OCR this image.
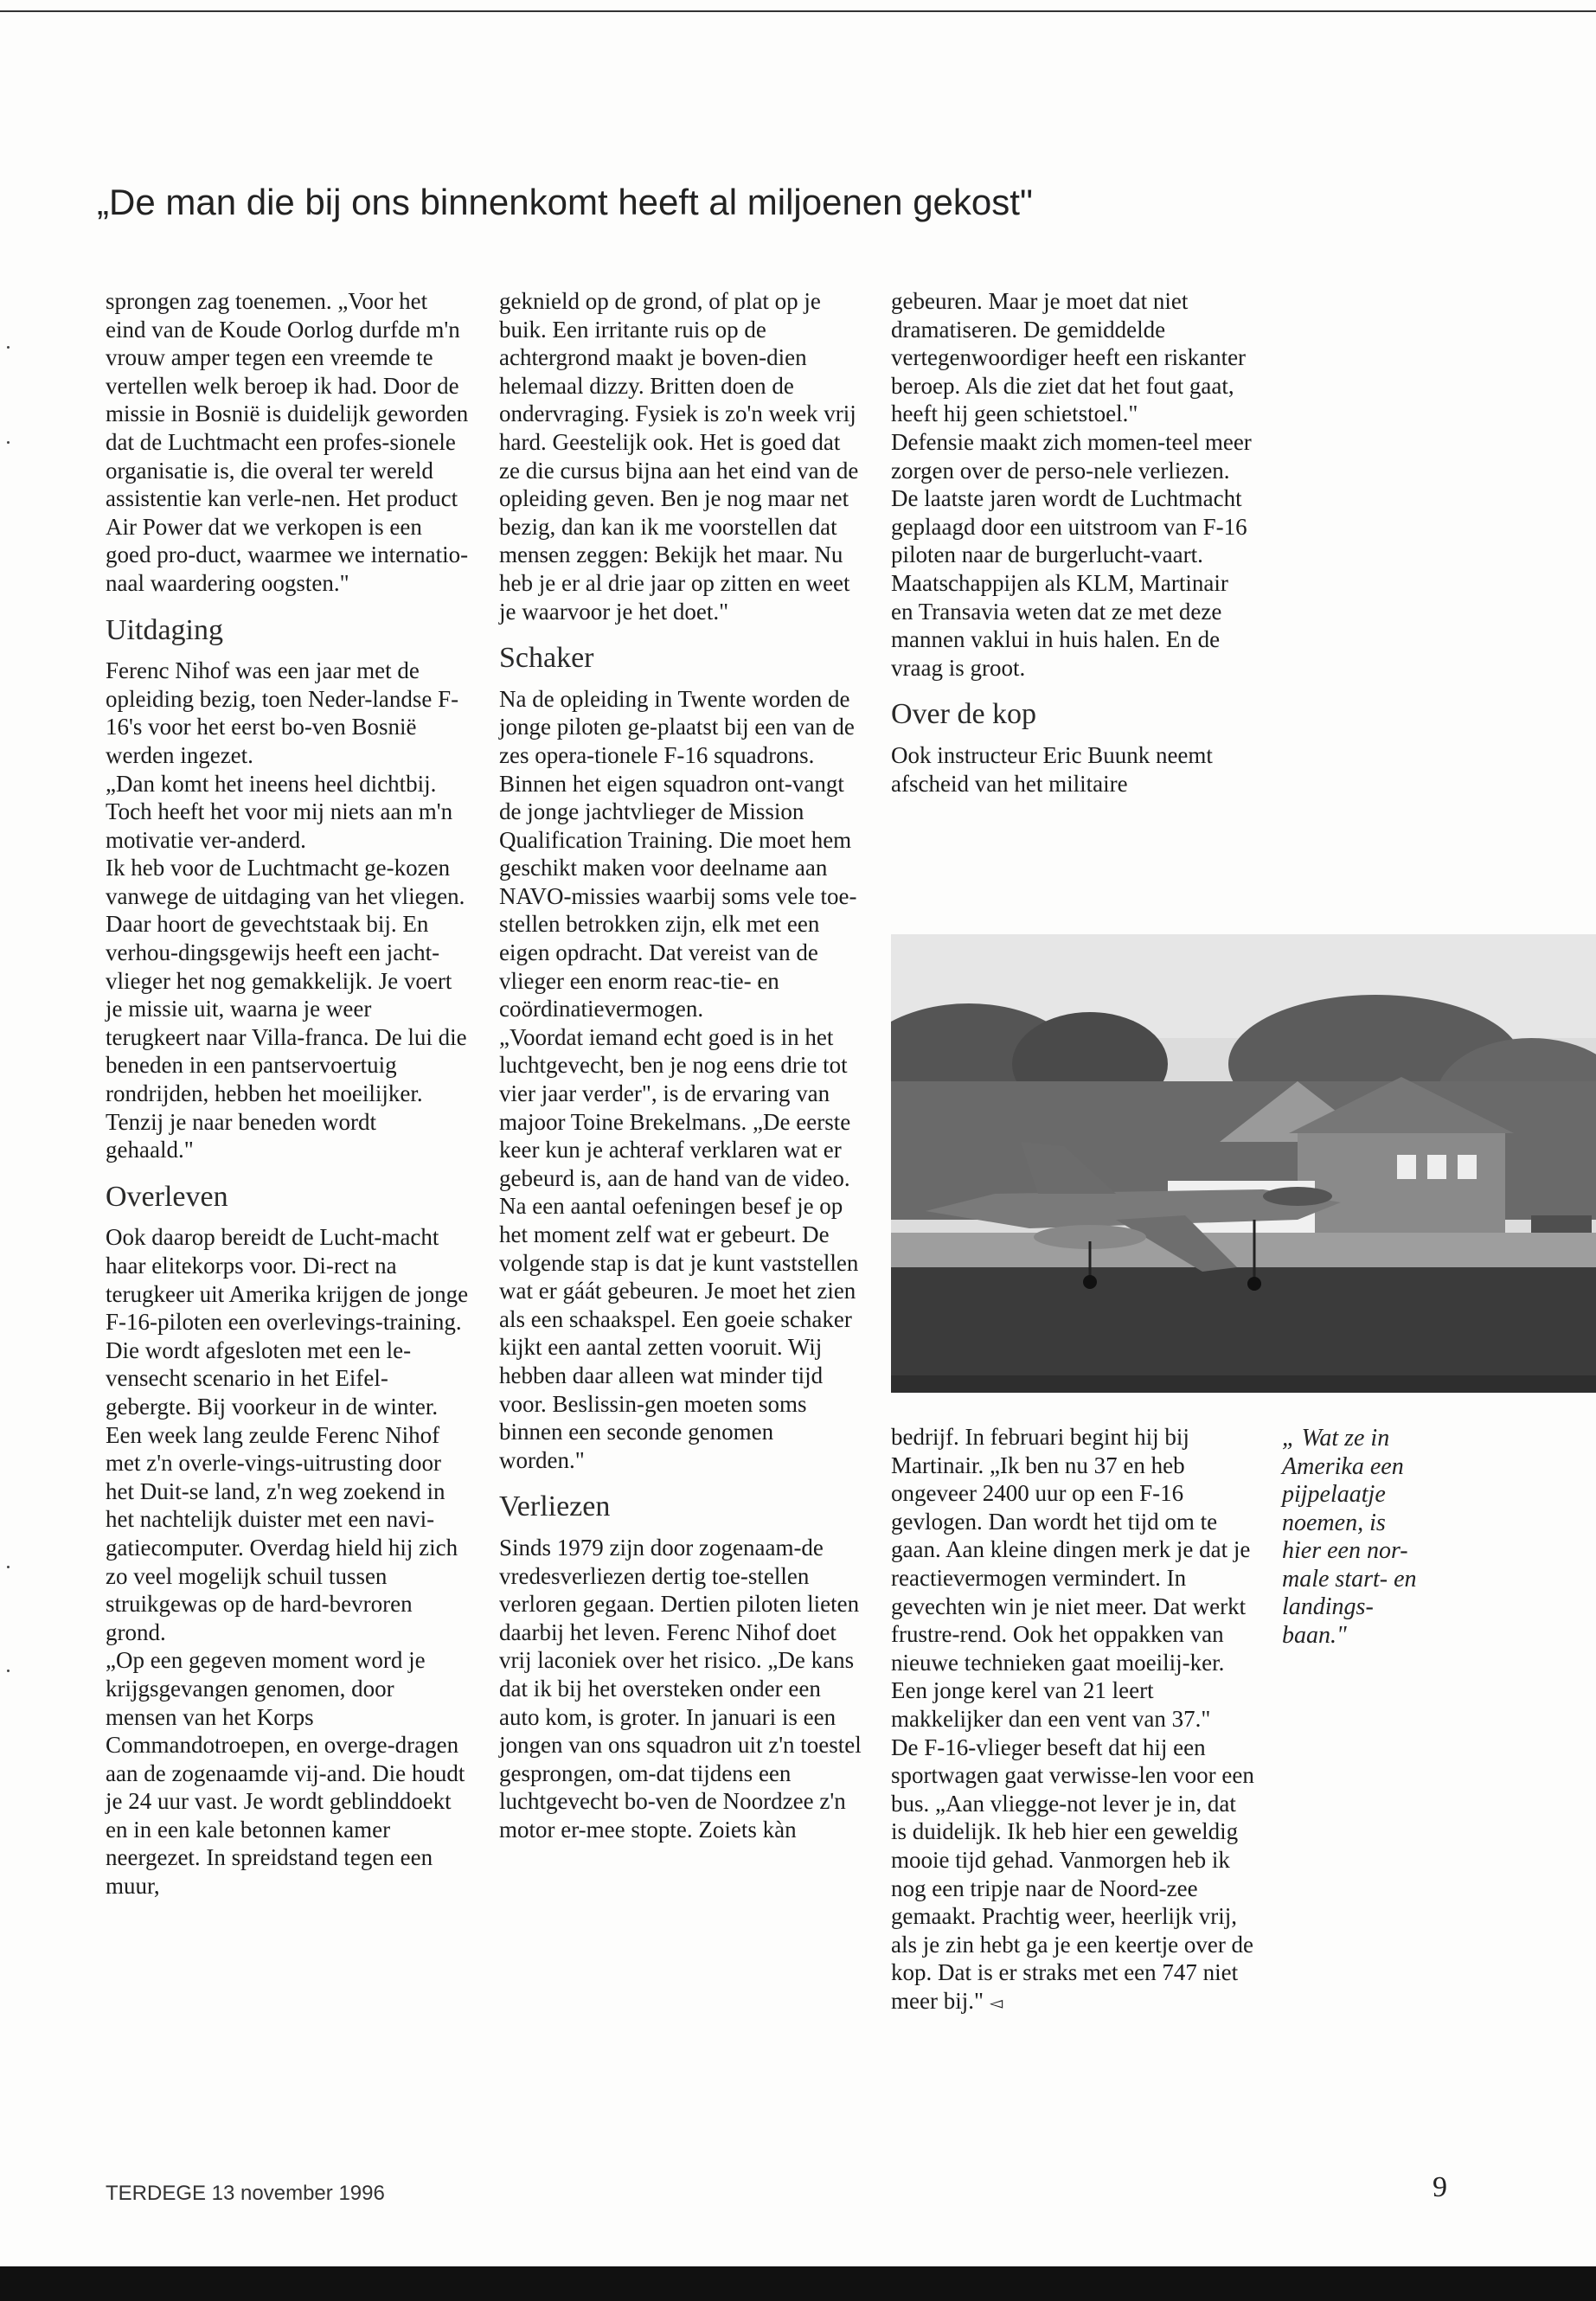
„De man die bij ons binnenkomt heeft al miljoenen gekost"

sprongen zag toenemen. „Voor het eind van de Koude Oorlog durfde m'n vrouw amper tegen een vreemde te vertellen welk beroep ik had. Door de missie in Bosnië is duidelijk geworden dat de Luchtmacht een profes-sionele organisatie is, die overal ter wereld assistentie kan verle-nen. Het product Air Power dat we verkopen is een goed pro-duct, waarmee we internatio-naal waardering oogsten."

Uitdaging

Ferenc Nihof was een jaar met de opleiding bezig, toen Neder-landse F-16's voor het eerst bo-ven Bosnië werden ingezet.

„Dan komt het ineens heel dichtbij. Toch heeft het voor mij niets aan m'n motivatie ver-anderd.

Ik heb voor de Luchtmacht ge-kozen vanwege de uitdaging van het vliegen. Daar hoort de gevechtstaak bij. En verhou-dingsgewijs heeft een jacht-vlieger het nog gemakkelijk. Je voert je missie uit, waarna je weer terugkeert naar Villa-franca. De lui die beneden in een pantservoertuig rondrijden, hebben het moeilijker. Tenzij je naar beneden wordt gehaald."

Overleven

Ook daarop bereidt de Lucht-macht haar elitekorps voor. Di-rect na terugkeer uit Amerika krijgen de jonge F-16-piloten een overlevings-training. Die wordt afgesloten met een le-vensecht scenario in het Eifel-gebergte. Bij voorkeur in de winter. Een week lang zeulde Ferenc Nihof met z'n overle-vings-uitrusting door het Duit-se land, z'n weg zoekend in het nachtelijk duister met een navi-gatiecomputer. Overdag hield hij zich zo veel mogelijk schuil tussen struikgewas op de hard-bevroren grond.

„Op een gegeven moment word je krijgsgevangen genomen, door mensen van het Korps Commandotroepen, en overge-dragen aan de zogenaamde vij-and. Die houdt je 24 uur vast. Je wordt geblinddoekt en in een kale betonnen kamer neergezet. In spreidstand tegen een muur,

geknield op de grond, of plat op je buik. Een irritante ruis op de achtergrond maakt je boven-dien helemaal dizzy. Britten doen de ondervraging. Fysiek is zo'n week vrij hard. Geestelijk ook. Het is goed dat ze die cursus bijna aan het eind van de opleiding geven. Ben je nog maar net bezig, dan kan ik me voorstellen dat mensen zeggen: Bekijk het maar. Nu heb je er al drie jaar op zitten en weet je waarvoor je het doet."

Schaker

Na de opleiding in Twente worden de jonge piloten ge-plaatst bij een van de zes opera-tionele F-16 squadrons.

Binnen het eigen squadron ont-vangt de jonge jachtvlieger de Mission Qualification Training. Die moet hem geschikt maken voor deelname aan NAVO-missies waarbij soms vele toe-stellen betrokken zijn, elk met een eigen opdracht. Dat vereist van de vlieger een enorm reac-tie- en coördinatievermogen.

„Voordat iemand echt goed is in het luchtgevecht, ben je nog eens drie tot vier jaar verder", is de ervaring van majoor Toine Brekelmans. „De eerste keer kun je achteraf verklaren wat er gebeurd is, aan de hand van de video. Na een aantal oefeningen besef je op het moment zelf wat er gebeurt. De volgende stap is dat je kunt vaststellen wat er gáát gebeuren. Je moet het zien als een schaakspel. Een goeie schaker kijkt een aantal zetten vooruit. Wij hebben daar alleen wat minder tijd voor. Beslissin-gen moeten soms binnen een seconde genomen worden."

Verliezen

Sinds 1979 zijn door zogenaam-de vredesverliezen dertig toe-stellen verloren gegaan. Dertien piloten lieten daarbij het leven. Ferenc Nihof doet vrij laconiek over het risico. „De kans dat ik bij het oversteken onder een auto kom, is groter. In januari is een jongen van ons squadron uit z'n toestel gesprongen, om-dat tijdens een luchtgevecht bo-ven de Noordzee z'n motor er-mee stopte. Zoiets kàn

gebeuren. Maar je moet dat niet dramatiseren. De gemiddelde vertegenwoordiger heeft een riskanter beroep. Als die ziet dat het fout gaat, heeft hij geen schietstoel."

Defensie maakt zich momen-teel meer zorgen over de perso-nele verliezen. De laatste jaren wordt de Luchtmacht geplaagd door een uitstroom van F-16 piloten naar de burgerlucht-vaart. Maatschappijen als KLM, Martinair en Transavia weten dat ze met deze mannen vaklui in huis halen. En de vraag is groot.

Over de kop

Ook instructeur Eric Buunk neemt afscheid van het militaire

bedrijf. In februari begint hij bij Martinair. „Ik ben nu 37 en heb ongeveer 2400 uur op een F-16 gevlogen. Dan wordt het tijd om te gaan. Aan kleine dingen merk je dat je reactievermogen vermindert. In gevechten win je niet meer. Dat werkt frustre-rend. Ook het oppakken van nieuwe technieken gaat moeilij-ker. Een jonge kerel van 21 leert makkelijker dan een vent van 37."

De F-16-vlieger beseft dat hij een sportwagen gaat verwisse-len voor een bus. „Aan vliegge-not lever je in, dat is duidelijk. Ik heb hier een geweldig mooie tijd gehad. Vanmorgen heb ik nog een tripje naar de Noord-zee gemaakt. Prachtig weer, heerlijk vrij, als je zin hebt ga je een keertje over de kop. Dat is er straks met een 747 niet meer bij." ◅

„ Wat ze in

Amerika een

pijpelaatje

noemen, is

hier een nor-

male start- en

landings-

baan."

TERDEGE 13 november 1996	9
